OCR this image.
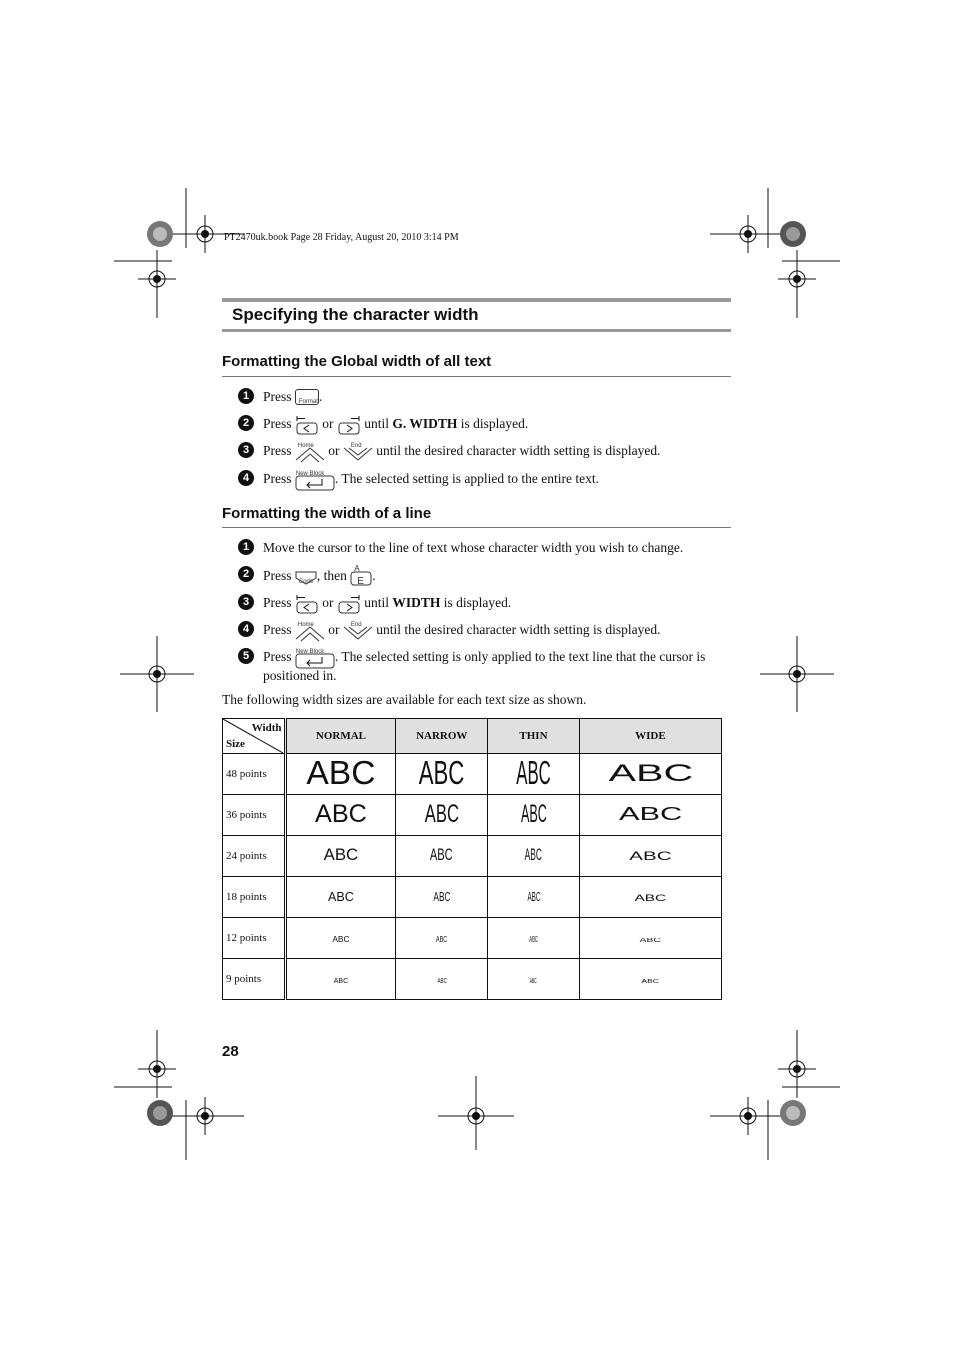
PT2470uk.book Page 28 Friday, August 20, 2010 3:14 PM
Specifying the character width
Formatting the Global width of all text
1	Press Format .
2	Press  or  until G. WIDTH is displayed.
3	Press Home or End until the desired character width setting is displayed.
4	Press New Block . The selected setting is applied to the entire text.
Formatting the width of a line
1	Move the cursor to the line of text whose character width you wish to change.
2	Press Code , then A
E .
3	Press  or  until WIDTH is displayed.
4	Press Home or End until the desired character width setting is displayed.
5	Press New Block . The selected setting is only applied to the text line that the cursor is
positioned in.
The following width sizes are available for each text size as shown.
Width
Size	NORMAL	NARROW	THIN	WIDE
48 points	ABC	ABC	ABC	ABC
36 points	ABC	ABC	ABC	ABC
24 points	ABC	ABC	ABC	ABC
18 points	ABC	ABC	ABC	ABC
12 points	ABC	ABC	ABC	ABC
9 points	ABC	ABC	ABC	ABC
28
